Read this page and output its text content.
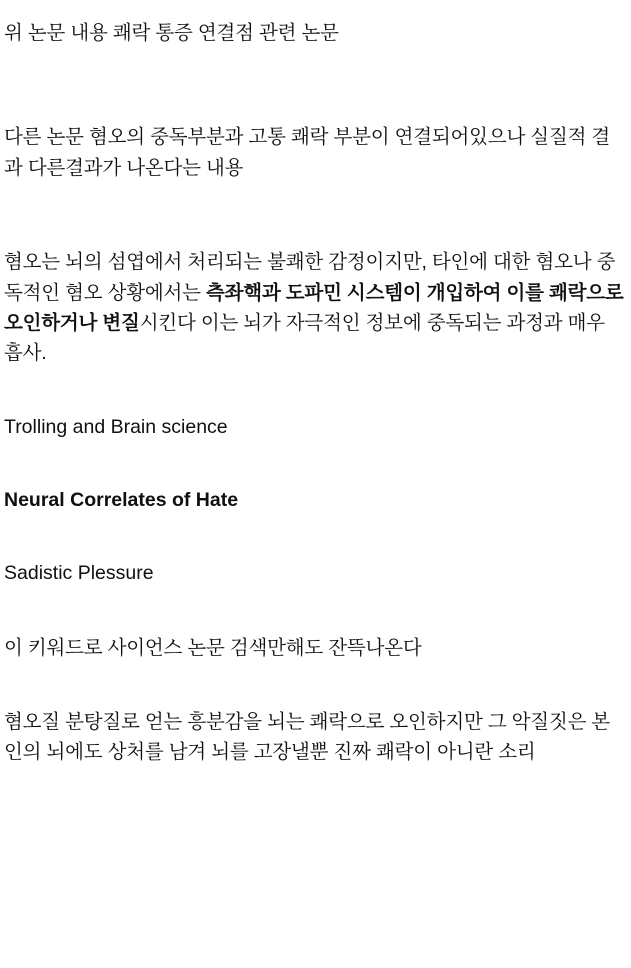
위 논문 내용 쾌락 통증 연결점 관련 논문

다른 논문 혐오의 중독부분과 고통 쾌락 부분이 연결되어있으나 실질적 결과 다른결과가 나온다는 내용

혐오는 뇌의 섬엽에서 처리되는 불쾌한 감정이지만, 타인에 대한 혐오나 중독적인 혐오 상황에서는 측좌핵과 도파민 시스템이 개입하여 이를 쾌락으로 오인하거나 변질시킨다 이는 뇌가 자극적인 정보에 중독되는 과정과 매우 흡사.

Trolling and Brain science

Neural Correlates of Hate

Sadistic Plessure

이 키워드로 사이언스 논문 검색만해도 잔뜩나온다

혐오질 분탕질로 얻는 흥분감을 뇌는 쾌락으로 오인하지만 그 악질짓은 본인의 뇌에도 상처를 남겨 뇌를 고장낼뿐 진짜 쾌락이 아니란 소리
